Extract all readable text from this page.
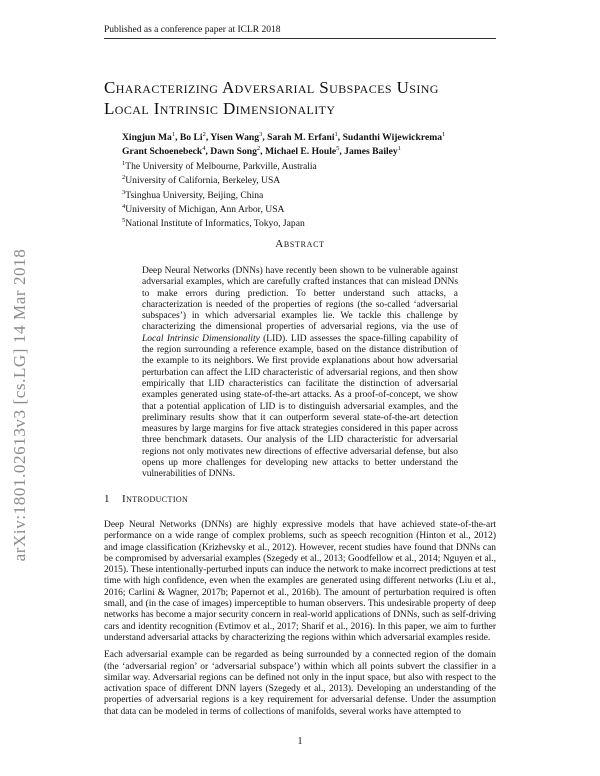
Published as a conference paper at ICLR 2018
arXiv:1801.02613v3 [cs.LG] 14 Mar 2018
Characterizing Adversarial Subspaces Using
Local Intrinsic Dimensionality
Xingjun Ma$^1$, Bo Li$^2$, Yisen Wang$^3$, Sarah M. Erfani$^1$, Sudanthi Wijewickrema$^1$
Grant Schoenebeck$^4$, Dawn Song$^2$, Michael E. Houle$^5$, James Bailey$^1$
$^1$The University of Melbourne, Parkville, Australia
$^2$University of California, Berkeley, USA
$^3$Tsinghua University, Beijing, China
$^4$University of Michigan, Ann Arbor, USA
$^5$National Institute of Informatics, Tokyo, Japan
Abstract
Deep Neural Networks (DNNs) have recently been shown to be vulnerable against adversarial examples, which are carefully crafted instances that can mislead DNNs to make errors during prediction. To better understand such attacks, a characterization is needed of the properties of regions (the so-called ‘adversarial subspaces’) in which adversarial examples lie. We tackle this challenge by characterizing the dimensional properties of adversarial regions, via the use of Local Intrinsic Dimensionality (LID). LID assesses the space-filling capability of the region surrounding a reference example, based on the distance distribution of the example to its neighbors. We first provide explanations about how adversarial perturbation can affect the LID characteristic of adversarial regions, and then show empirically that LID characteristics can facilitate the distinction of adversarial examples generated using state-of-the-art attacks. As a proof-of-concept, we show that a potential application of LID is to distinguish adversarial examples, and the preliminary results show that it can outperform several state-of-the-art detection measures by large margins for five attack strategies considered in this paper across three benchmark datasets. Our analysis of the LID characteristic for adversarial regions not only motivates new directions of effective adversarial defense, but also opens up more challenges for developing new attacks to better understand the vulnerabilities of DNNs.
1 Introduction

Deep Neural Networks (DNNs) are highly expressive models that have achieved state-of-the-art performance on a wide range of complex problems, such as speech recognition (Hinton et al., 2012) and image classification (Krizhevsky et al., 2012). However, recent studies have found that DNNs can be compromised by adversarial examples (Szegedy et al., 2013; Goodfellow et al., 2014; Nguyen et al., 2015). These intentionally-perturbed inputs can induce the network to make incorrect predictions at test time with high confidence, even when the examples are generated using different networks (Liu et al., 2016; Carlini & Wagner, 2017b; Papernot et al., 2016b). The amount of perturbation required is often small, and (in the case of images) imperceptible to human observers. This undesirable property of deep networks has become a major security concern in real-world applications of DNNs, such as self-driving cars and identity recognition (Evtimov et al., 2017; Sharif et al., 2016). In this paper, we aim to further understand adversarial attacks by characterizing the regions within which adversarial examples reside.

Each adversarial example can be regarded as being surrounded by a connected region of the domain (the ‘adversarial region’ or ‘adversarial subspace’) within which all points subvert the classifier in a similar way. Adversarial regions can be defined not only in the input space, but also with respect to the activation space of different DNN layers (Szegedy et al., 2013). Developing an understanding of the properties of adversarial regions is a key requirement for adversarial defense. Under the assumption that data can be modeled in terms of collections of manifolds, several works have attempted to

1
